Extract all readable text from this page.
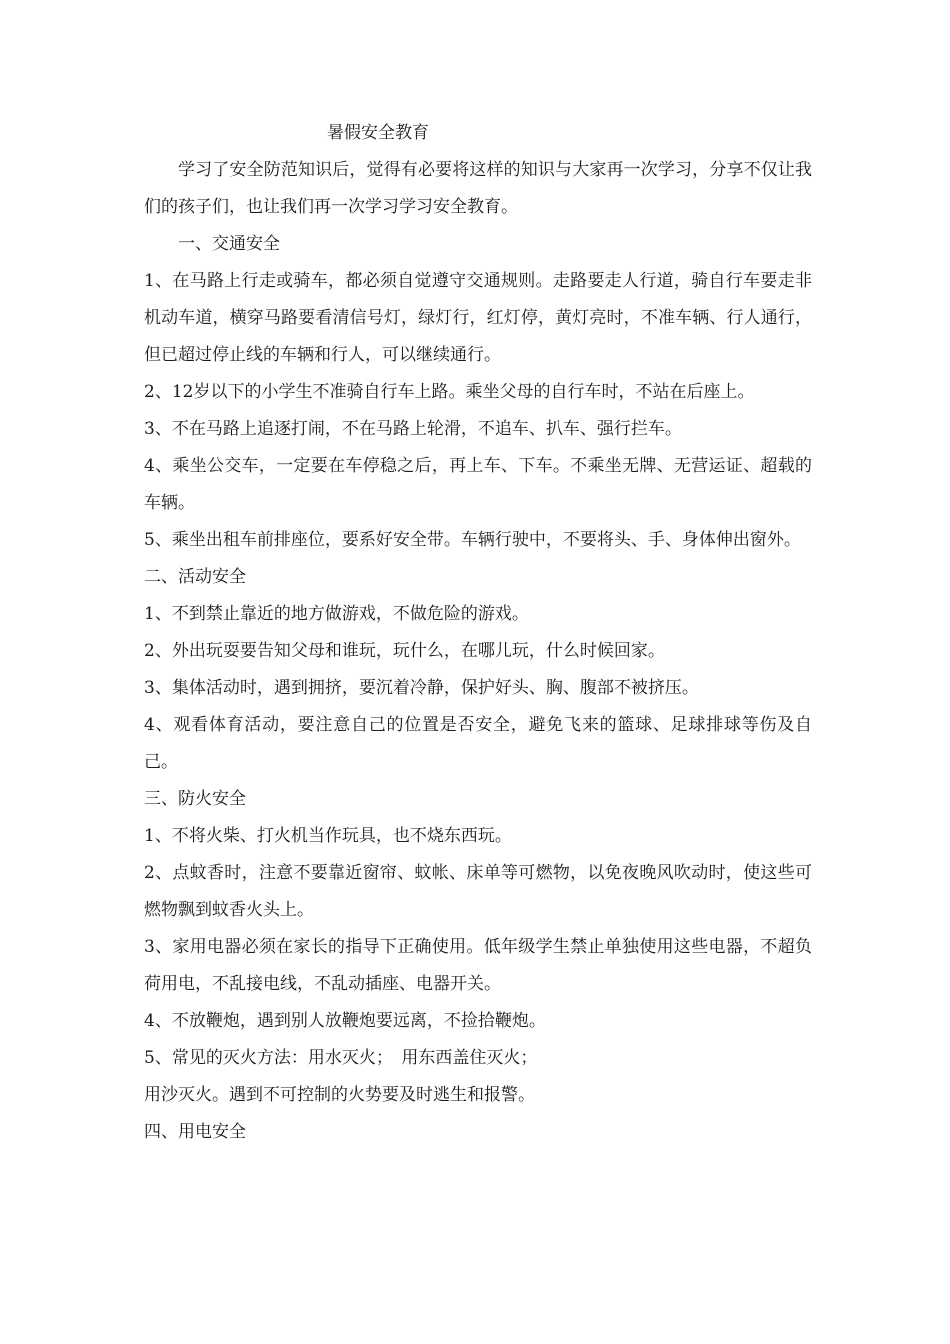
暑假安全教育

学习了安全防范知识后，觉得有必要将这样的知识与大家再一次学习，分享不仅让我们的孩子们，也让我们再一次学习学习安全教育。

一、交通安全

1、在马路上行走或骑车，都必须自觉遵守交通规则。走路要走人行道，骑自行车要走非机动车道，横穿马路要看清信号灯，绿灯行，红灯停，黄灯亮时，不准车辆、行人通行，但已超过停止线的车辆和行人，可以继续通行。

2、12岁以下的小学生不准骑自行车上路。乘坐父母的自行车时，不站在后座上。

3、不在马路上追逐打闹，不在马路上轮滑，不追车、扒车、强行拦车。

4、乘坐公交车，一定要在车停稳之后，再上车、下车。不乘坐无牌、无营运证、超载的车辆。

5、乘坐出租车前排座位，要系好安全带。车辆行驶中，不要将头、手、身体伸出窗外。

二、活动安全

1、不到禁止靠近的地方做游戏，不做危险的游戏。

2、外出玩耍要告知父母和谁玩，玩什么，在哪儿玩，什么时候回家。

3、集体活动时，遇到拥挤，要沉着冷静，保护好头、胸、腹部不被挤压。

4、观看体育活动，要注意自己的位置是否安全，避免飞来的篮球、足球排球等伤及自己。

三、防火安全

1、不将火柴、打火机当作玩具，也不烧东西玩。

2、点蚊香时，注意不要靠近窗帘、蚊帐、床单等可燃物，以免夜晚风吹动时，使这些可燃物飘到蚊香火头上。

3、家用电器必须在家长的指导下正确使用。低年级学生禁止单独使用这些电器，不超负荷用电，不乱接电线，不乱动插座、电器开关。

4、不放鞭炮，遇到别人放鞭炮要远离，不捡拾鞭炮。

5、常见的灭火方法：用水灭火；　用东西盖住灭火；

用沙灭火。遇到不可控制的火势要及时逃生和报警。

四、用电安全
